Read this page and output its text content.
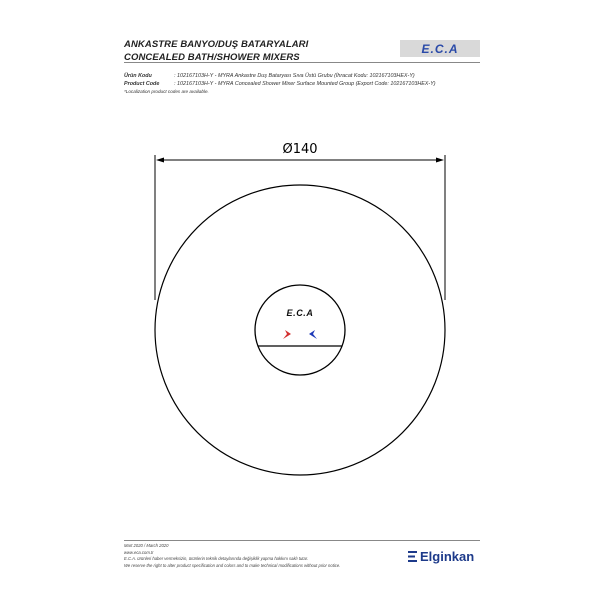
ANKASTRE BANYO/DUŞ BATARYALARI
CONCEALED BATH/SHOWER MIXERS
E.C.A
Ürün Kodu	: 102167103H-Y - MYRA Ankastre Duş Bataryası Sıva Üstü Grubu (İhracat Kodu: 102167103HEX-Y)
Product Code	: 102167103H-Y - MYRA Concealed Shower Mixer Surface Mounted Group (Export Code: 102167103HEX-Y)
*Localization product codes are available.
Ø140
E.C.A
Mart 2020 / March 2020
www.eca.com.tr
E.C.A. ürünleri haber vermeksizin, ürünlerin teknik detaylarında değişiklik yapma hakkını saklı tutar.
We reserve the right to alter product specification and colors and to make technical modifications without prior notice.
Elginkan
